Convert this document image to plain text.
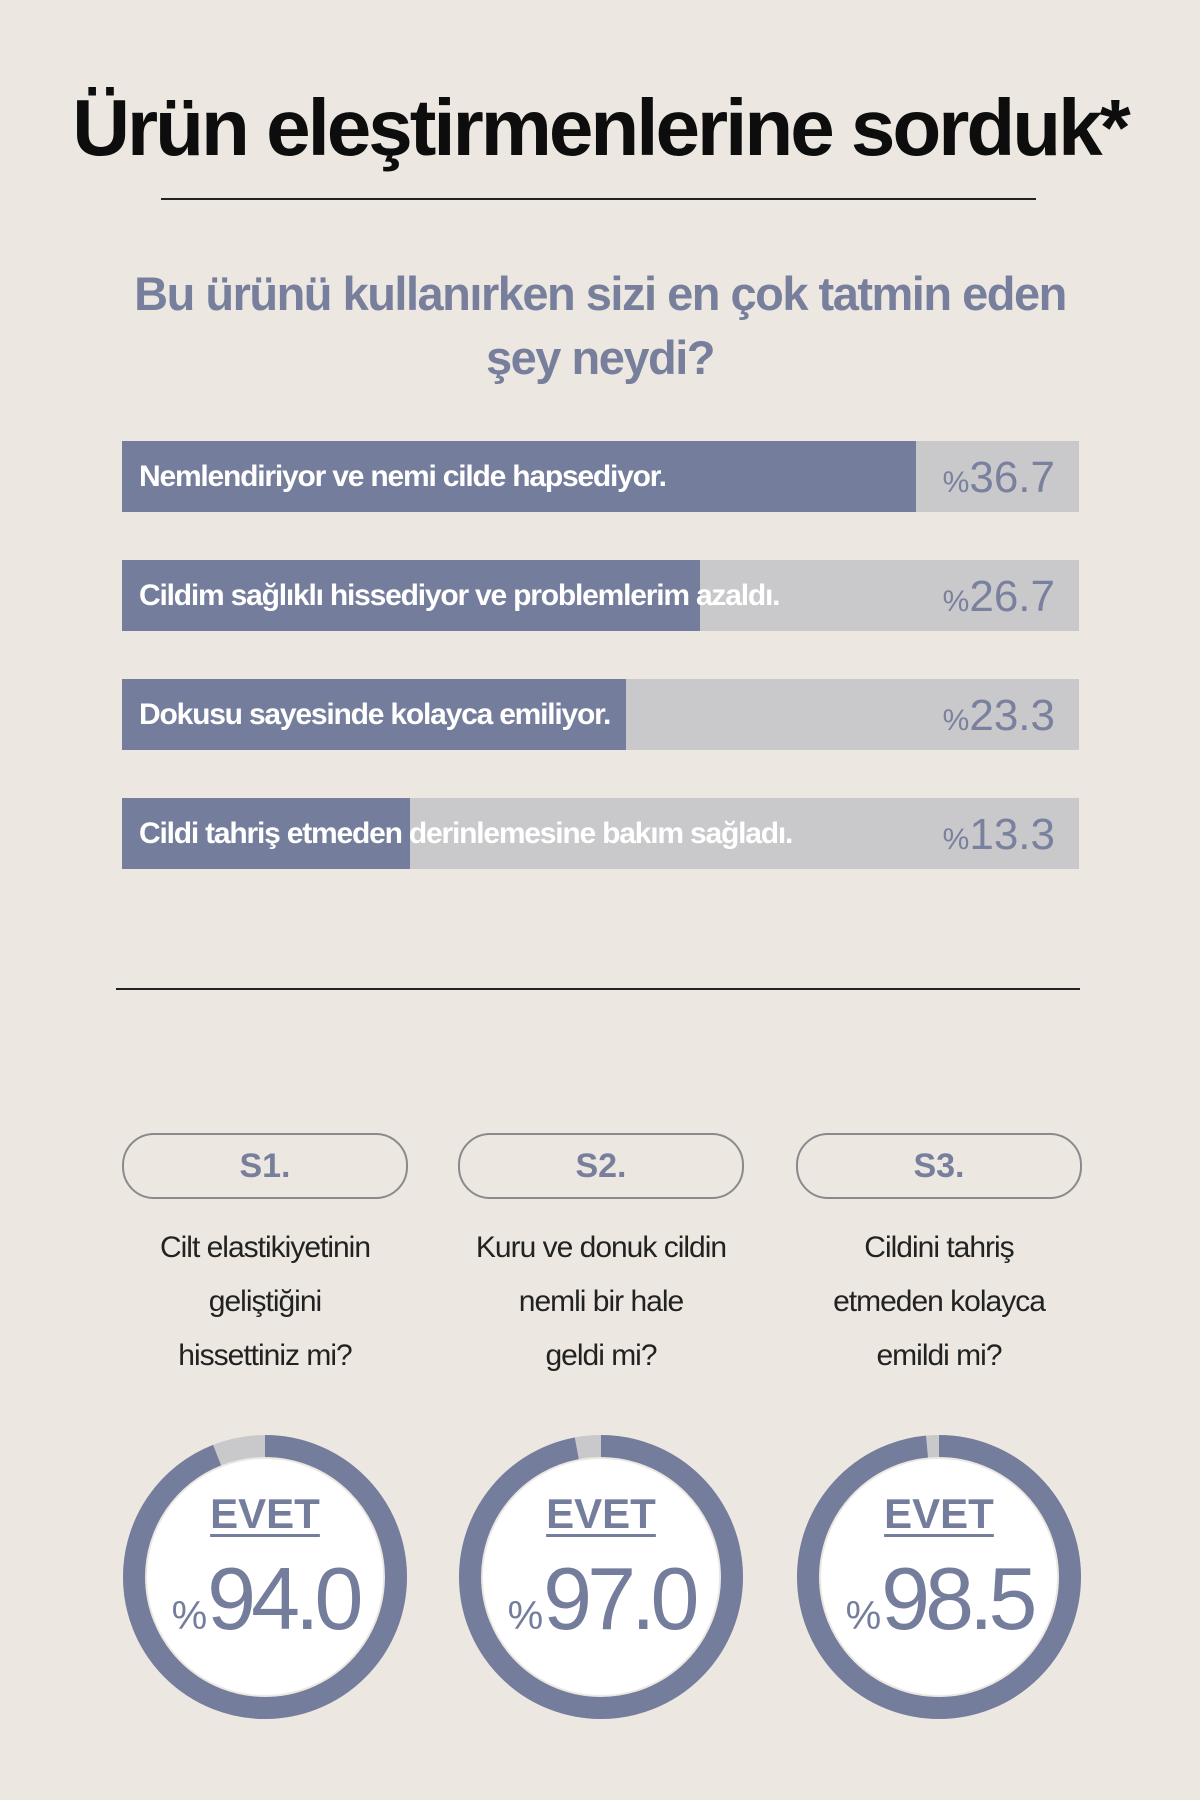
Ürün eleştirmenlerine sorduk*
Bu ürünü kullanırken sizi en çok tatmin eden şey neydi?
Nemlendiriyor ve nemi cilde hapsediyor.	%36.7
Cildim sağlıklı hissediyor ve problemlerim azaldı.	%26.7
Dokusu sayesinde kolayca emiliyor.	%23.3
Cildi tahriş etmeden derinlemesine bakım sağladı.	%13.3
S1.
Cilt elastikiyetinin
geliştiğini
hissettiniz mi?
EVET
%94.0
S2.
Kuru ve donuk cildin
nemli bir hale
geldi mi?
EVET
%97.0
S3.
Cildini tahriş
etmeden kolayca
emildi mi?
EVET
%98.5
